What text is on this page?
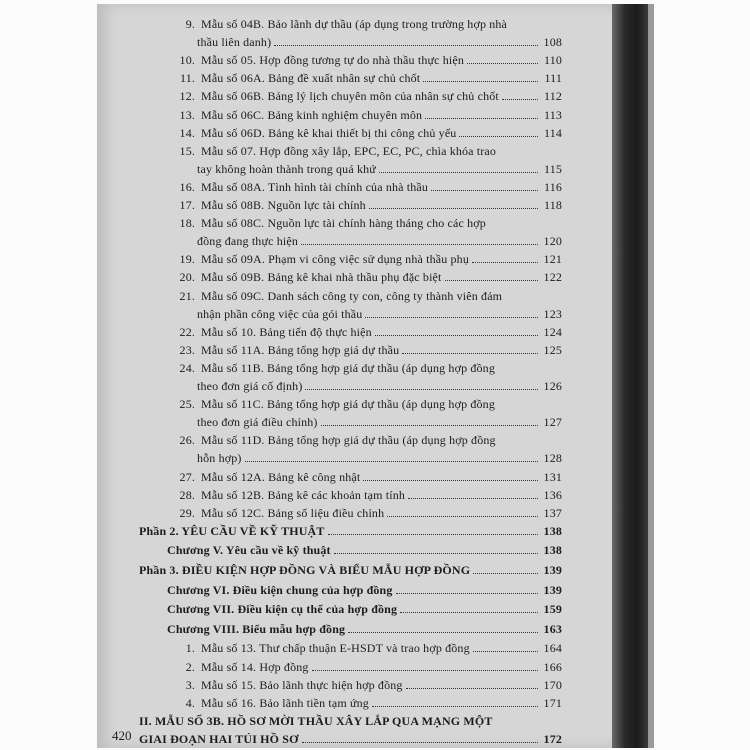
9. Mẫu số 04B. Bảo lãnh dự thầu (áp dụng trong trường hợp nhà
thầu liên danh)	108
10. Mẫu số 05. Hợp đồng tương tự do nhà thầu thực hiện	110
11. Mẫu số 06A. Bảng đề xuất nhân sự chủ chốt	111
12. Mẫu số 06B. Bảng lý lịch chuyên môn của nhân sự chủ chốt	112
13. Mẫu số 06C. Bảng kinh nghiệm chuyên môn	113
14. Mẫu số 06D. Bảng kê khai thiết bị thi công chủ yếu	114
15. Mẫu số 07. Hợp đồng xây lắp, EPC, EC, PC, chìa khóa trao
tay không hoàn thành trong quá khứ	115
16. Mẫu số 08A. Tình hình tài chính của nhà thầu	116
17. Mẫu số 08B. Nguồn lực tài chính	118
18. Mẫu số 08C. Nguồn lực tài chính hàng tháng cho các hợp
đồng đang thực hiện	120
19. Mẫu số 09A. Phạm vi công việc sử dụng nhà thầu phụ	121
20. Mẫu số 09B. Bảng kê khai nhà thầu phụ đặc biệt	122
21. Mẫu số 09C. Danh sách công ty con, công ty thành viên đảm
nhận phần công việc của gói thầu	123
22. Mẫu số 10. Bảng tiến độ thực hiện	124
23. Mẫu số 11A. Bảng tổng hợp giá dự thầu	125
24. Mẫu số 11B. Bảng tổng hợp giá dự thầu (áp dụng hợp đồng
theo đơn giá cố định)	126
25. Mẫu số 11C. Bảng tổng hợp giá dự thầu (áp dụng hợp đồng
theo đơn giá điều chỉnh)	127
26. Mẫu số 11D. Bảng tổng hợp giá dự thầu (áp dụng hợp đồng
hỗn hợp)	128
27. Mẫu số 12A. Bảng kê công nhật	131
28. Mẫu số 12B. Bảng kê các khoản tạm tính	136
29. Mẫu số 12C. Bảng số liệu điều chỉnh	137
Phần 2. YÊU CẦU VỀ KỸ THUẬT	138
Chương V. Yêu cầu về kỹ thuật	138
Phần 3. ĐIỀU KIỆN HỢP ĐỒNG VÀ BIỂU MẪU HỢP ĐỒNG	139
Chương VI. Điều kiện chung của hợp đồng	139
Chương VII. Điều kiện cụ thể của hợp đồng	159
Chương VIII. Biểu mẫu hợp đồng	163
1. Mẫu số 13. Thư chấp thuận E-HSDT và trao hợp đồng	164
2. Mẫu số 14. Hợp đồng	166
3. Mẫu số 15. Bảo lãnh thực hiện hợp đồng	170
4. Mẫu số 16. Bảo lãnh tiền tạm ứng	171
II. MẪU SỐ 3B. HỒ SƠ MỜI THẦU XÂY LẮP QUA MẠNG MỘT
GIAI ĐOẠN HAI TÚI HỒ SƠ	172
420
